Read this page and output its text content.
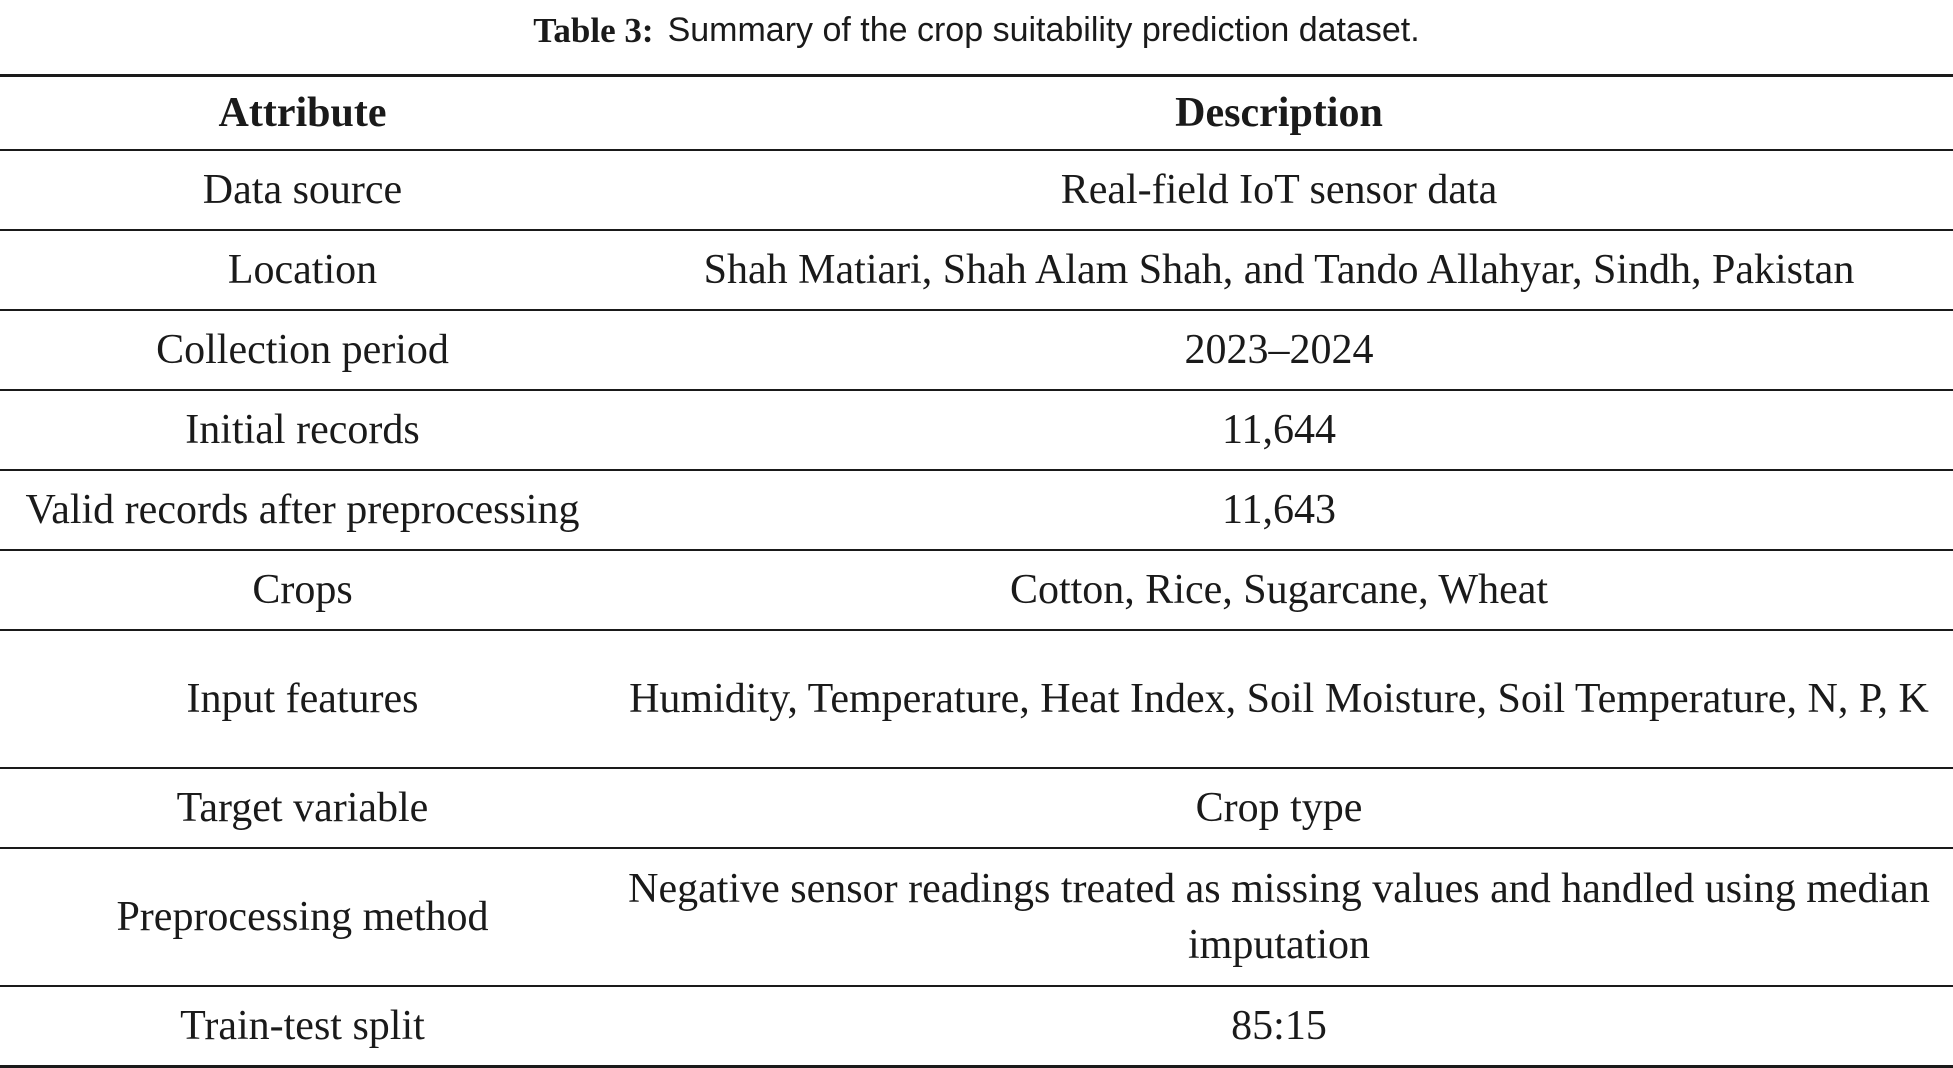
Table 3: Summary of the crop suitability prediction dataset.
Attribute	Description
Data source	Real-field IoT sensor data
Location	Shah Matiari, Shah Alam Shah, and Tando Allahyar, Sindh, Pakistan
Collection period	2023–2024
Initial records	11,644
Valid records after preprocessing	11,643
Crops	Cotton, Rice, Sugarcane, Wheat
Input features	Humidity, Temperature, Heat Index, Soil Moisture, Soil Temperature, N, P, K
Target variable	Crop type
Preprocessing method	Negative sensor readings treated as missing values and handled using median imputation
Train-test split	85:15
